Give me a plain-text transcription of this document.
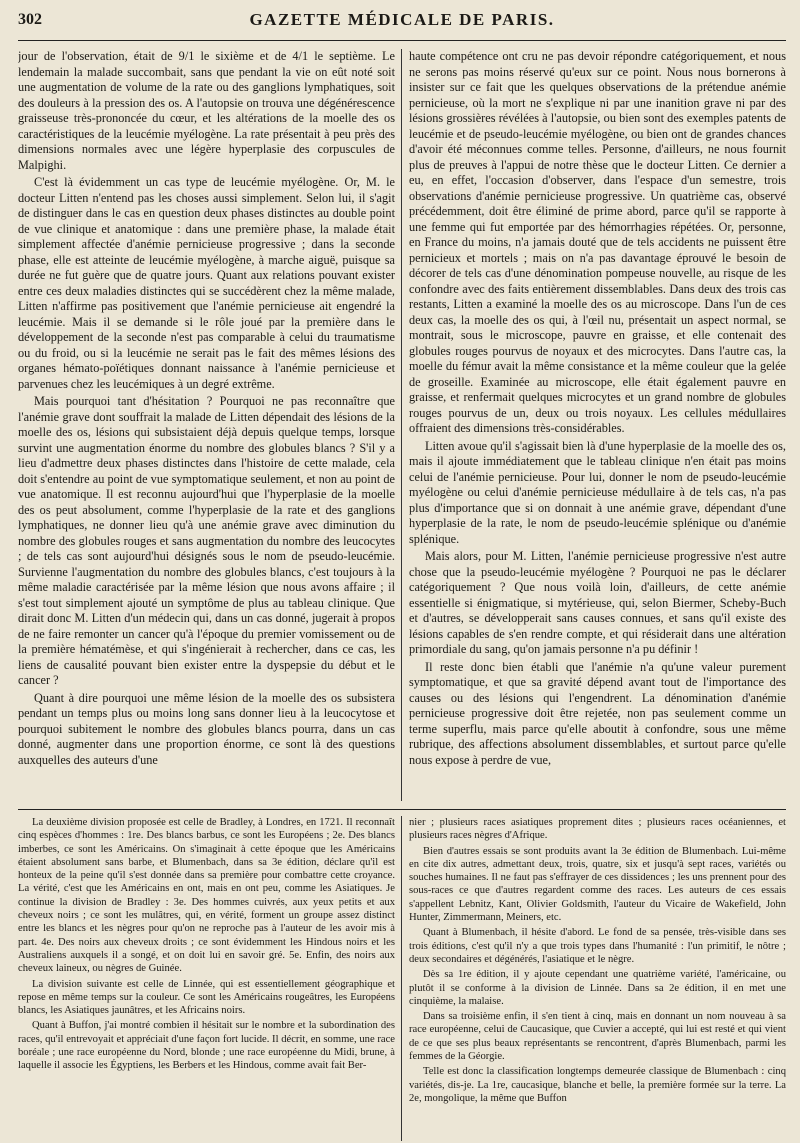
302	GAZETTE MÉDICALE DE PARIS.

jour de l'observation, était de 9/1 le sixième et de 4/1 le septième. Le lendemain la malade succombait, sans que pendant la vie on eût noté soit une augmentation de volume de la rate ou des ganglions lymphatiques, soit des douleurs à la pression des os. A l'autopsie on trouva une dégénérescence graisseuse très-prononcée du cœur, et les altérations de la moelle des os caractéristiques de la leucémie myélogène. La rate présentait à peu près des dimensions normales avec une légère hyperplasie des corpuscules de Malpighi.

C'est là évidemment un cas type de leucémie myélogène. Or, M. le docteur Litten n'entend pas les choses aussi simplement. Selon lui, il s'agit de distinguer dans le cas en question deux phases distinctes au double point de vue clinique et anatomique : dans une première phase, la malade était simplement affectée d'anémie pernicieuse progressive ; dans la seconde phase, elle est atteinte de leucémie myélogène, à marche aiguë, puisque sa durée ne fut guère que de quatre jours. Quant aux relations pouvant exister entre ces deux maladies distinctes qui se succédèrent chez la même malade, Litten n'affirme pas positivement que l'anémie pernicieuse ait engendré la leucémie. Mais il se demande si le rôle joué par la première dans le développement de la seconde n'est pas comparable à celui du traumatisme ou du froid, ou si la leucémie ne serait pas le fait des mêmes lésions des organes hémato-poïétiques donnant naissance à l'anémie pernicieuse et parvenues chez les leucémiques à un degré extrême.

Mais pourquoi tant d'hésitation ? Pourquoi ne pas reconnaître que l'anémie grave dont souffrait la malade de Litten dépendait des lésions de la moelle des os, lésions qui subsistaient déjà depuis quelque temps, lorsque survint une augmentation énorme du nombre des globules blancs ? S'il y a lieu d'admettre deux phases distinctes dans l'histoire de cette malade, cela doit s'entendre au point de vue symptomatique seulement, et non au point de vue anatomique. Il est reconnu aujourd'hui que l'hyperplasie de la moelle des os peut absolument, comme l'hyperplasie de la rate et des ganglions lymphatiques, ne donner lieu qu'à une anémie grave avec diminution du nombre des globules rouges et sans augmentation du nombre des leucocytes ; de tels cas sont aujourd'hui désignés sous le nom de pseudo-leucémie. Survienne l'augmentation du nombre des globules blancs, c'est toujours à la même maladie caractérisée par la même lésion que nous avons affaire ; il s'est tout simplement ajouté un symptôme de plus au tableau clinique. Que dirait donc M. Litten d'un médecin qui, dans un cas donné, jugerait à propos de ne faire remonter un cancer qu'à l'époque du premier vomissement ou de la première hématémèse, et qui s'ingénierait à rechercher, dans ce cas, les liens de causalité pouvant bien exister entre la dyspepsie du début et le cancer ?

Quant à dire pourquoi une même lésion de la moelle des os subsistera pendant un temps plus ou moins long sans donner lieu à la leucocytose et pourquoi subitement le nombre des globules blancs pourra, dans un cas donné, augmenter dans une proportion énorme, ce sont là des questions auxquelles des auteurs d'une

haute compétence ont cru ne pas devoir répondre catégoriquement, et nous ne serons pas moins réservé qu'eux sur ce point. Nous nous bornerons à insister sur ce fait que les quelques observations de la prétendue anémie pernicieuse, où la mort ne s'explique ni par une inanition grave ni par des lésions grossières révélées à l'autopsie, ou bien sont des exemples patents de leucémie et de pseudo-leucémie myélogène, ou bien ont de grandes chances d'avoir été méconnues comme telles. Personne, d'ailleurs, ne nous fournit plus de preuves à l'appui de notre thèse que le docteur Litten. Ce dernier a eu, en effet, l'occasion d'observer, dans l'espace d'un semestre, trois observations d'anémie pernicieuse progressive. Un quatrième cas, observé précédemment, doit être éliminé de prime abord, parce qu'il se rapporte à une femme qui fut emportée par des hémorrhagies répétées. Or, personne, en France du moins, n'a jamais douté que de tels accidents ne puissent être pernicieux et mortels ; mais on n'a pas davantage éprouvé le besoin de décorer de tels cas d'une dénomination pompeuse nouvelle, au risque de les confondre avec des faits entièrement dissemblables. Dans deux des trois cas restants, Litten a examiné la moelle des os au microscope. Dans l'un de ces deux cas, la moelle des os qui, à l'œil nu, présentait un aspect normal, se montrait, sous le microscope, pauvre en graisse, et elle contenait des globules rouges pourvus de noyaux et des microcytes. Dans l'autre cas, la moelle du fémur avait la même consistance et la même couleur que la gelée de groseille. Examinée au microscope, elle était également pauvre en graisse, et renfermait quelques microcytes et un grand nombre de globules rouges pourvus de un, deux ou trois noyaux. Les cellules médullaires offraient des dimensions très-considérables.

Litten avoue qu'il s'agissait bien là d'une hyperplasie de la moelle des os, mais il ajoute immédiatement que le tableau clinique n'en était pas moins celui de l'anémie pernicieuse. Pour lui, donner le nom de pseudo-leucémie myélogène ou celui d'anémie pernicieuse médullaire à de tels cas, n'a pas plus d'importance que si on donnait à une anémie grave, dépendant d'une hyperplasie de la rate, le nom de pseudo-leucémie splénique ou d'anémie splénique.

Mais alors, pour M. Litten, l'anémie pernicieuse progressive n'est autre chose que la pseudo-leucémie myélogène ? Pourquoi ne pas le déclarer catégoriquement ? Que nous voilà loin, d'ailleurs, de cette anémie essentielle si énigmatique, si mytérieuse, qui, selon Biermer, Scheby-Buch et d'autres, se développerait sans causes connues, et sans qu'il existe des lésions capables de s'en rendre compte, et qui résiderait dans une altération primordiale du sang, qu'on jamais personne n'a pu définir !

Il reste donc bien établi que l'anémie n'a qu'une valeur purement symptomatique, et que sa gravité dépend avant tout de l'importance des causes ou des lésions qui l'engendrent. La dénomination d'anémie pernicieuse progressive doit être rejetée, non pas seulement comme un terme superflu, mais parce qu'elle aboutit à confondre, sous une même rubrique, des affections absolument dissemblables, et surtout parce qu'elle nous expose à perdre de vue,

La deuxième division proposée est celle de Bradley, à Londres, en 1721. Il reconnaît cinq espèces d'hommes : 1re. Des blancs barbus, ce sont les Européens ; 2e. Des blancs imberbes, ce sont les Américains. On s'imaginait à cette époque que les Américains étaient absolument sans barbe, et Blumenbach, dans sa 3e édition, déclare qu'il est honteux de la peine qu'il s'est donnée dans sa première pour combattre cette croyance. La vérité, c'est que les Américains en ont, mais en ont peu, comme les Asiatiques. Je continue la division de Bradley : 3e. Des hommes cuivrés, aux yeux petits et aux cheveux noirs ; ce sont les mulâtres, qui, en vérité, forment un groupe assez distinct entre les blancs et les nègres pour qu'on ne reproche pas à l'auteur de les avoir mis à part. 4e. Des noirs aux cheveux droits ; ce sont évidemment les Hindous noirs et les Australiens auxquels il a songé, et on doit lui en savoir gré. 5e. Enfin, des noirs aux cheveux laineux, ou nègres de Guinée.

La division suivante est celle de Linnée, qui est essentiellement géographique et repose en même temps sur la couleur. Ce sont les Américains rougeâtres, les Européens blancs, les Asiatiques jaunâtres, et les Africains noirs.

Quant à Buffon, j'ai montré combien il hésitait sur le nombre et la subordination des races, qu'il entrevoyait et appréciait d'une façon fort lucide. Il décrit, en somme, une race boréale ; une race européenne du Nord, blonde ; une race européenne du Midi, brune, à laquelle il associe les Égyptiens, les Berbers et les Hindous, comme avait fait Ber-

nier ; plusieurs races asiatiques proprement dites ; plusieurs races océaniennes, et plusieurs races nègres d'Afrique.

Bien d'autres essais se sont produits avant la 3e édition de Blumenbach. Lui-même en cite dix autres, admettant deux, trois, quatre, six et jusqu'à sept races, variétés ou souches humaines. Il ne faut pas s'effrayer de ces dissidences ; les uns prennent pour des sous-races ce que d'autres regardent comme des races. Les auteurs de ces essais s'appellent Lebnitz, Kant, Olivier Goldsmith, l'auteur du Vicaire de Wakefield, John Hunter, Zimmermann, Meiners, etc.

Quant à Blumenbach, il hésite d'abord. Le fond de sa pensée, très-visible dans ses trois éditions, c'est qu'il n'y a que trois types dans l'humanité : l'un primitif, le nôtre ; deux secondaires et dégénérés, l'asiatique et le nègre.

Dès sa 1re édition, il y ajoute cependant une quatrième variété, l'américaine, ou plutôt il se conforme à la division de Linnée. Dans sa 2e édition, il en met une cinquième, la malaise.

Dans sa troisième enfin, il s'en tient à cinq, mais en donnant un nom nouveau à sa race européenne, celui de Caucasique, que Cuvier a accepté, qui lui est resté et qui vient de ce que ses plus beaux représentants se rencontrent, d'après Blumenbach, parmi les femmes de la Géorgie.

Telle est donc la classification longtemps demeurée classique de Blumenbach : cinq variétés, dis-je. La 1re, caucasique, blanche et belle, la première formée sur la terre. La 2e, mongolique, la même que Buffon
